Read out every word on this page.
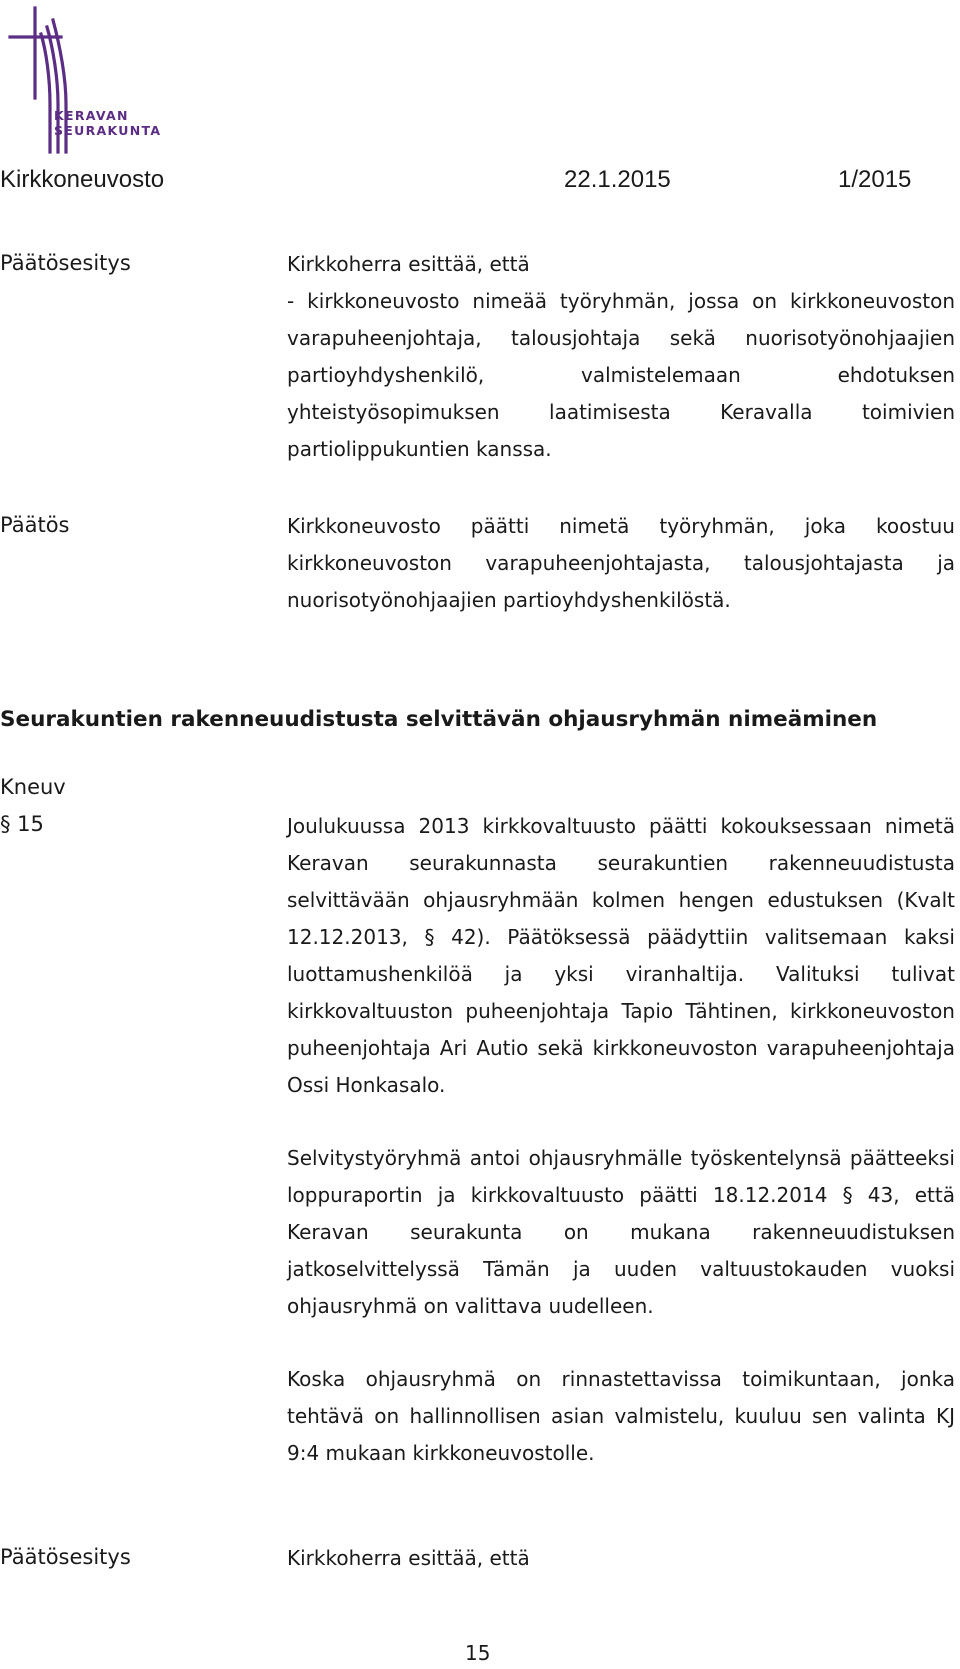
KERAVAN
SEURAKUNTA
Kirkkoneuvosto	22.1.2015	1/2015
Päätösesitys	Kirkkoherra esittää, että

- kirkkoneuvosto nimeää työryhmän, jossa on kirkkoneuvoston varapuheenjohtaja, talousjohtaja sekä nuorisotyönohjaajien partioyhdyshenkilö, valmistelemaan ehdotuksen yhteistyösopimuksen laatimisesta Keravalla toimivien partiolippukuntien kanssa.

Päätös	Kirkkoneuvosto päätti nimetä työryhmän, joka koostuu kirkkoneuvoston varapuheenjohtajasta, talousjohtajasta ja nuorisotyönohjaajien partioyhdyshenkilöstä.

Seurakuntien rakenneuudistusta selvittävän ohjausryhmän nimeäminen
Kneuv
§ 15	Joulukuussa 2013 kirkkovaltuusto päätti kokouksessaan nimetä Keravan seurakunnasta seurakuntien rakenneuudistusta selvittävään ohjausryhmään kolmen hengen edustuksen (Kvalt 12.12.2013, § 42). Päätöksessä päädyttiin valitsemaan kaksi luottamushenkilöä ja yksi viranhaltija. Valituksi tulivat kirkkovaltuuston puheenjohtaja Tapio Tähtinen, kirkkoneuvoston puheenjohtaja Ari Autio sekä kirkkoneuvoston varapuheenjohtaja Ossi Honkasalo.

Selvitystyöryhmä antoi ohjausryhmälle työskentelynsä päätteeksi loppuraportin ja kirkkovaltuusto päätti 18.12.2014 § 43, että Keravan seurakunta on mukana rakenneuudistuksen jatkoselvittelyssä Tämän ja uuden valtuustokauden vuoksi ohjausryhmä on valittava uudelleen.

Koska ohjausryhmä on rinnastettavissa toimikuntaan, jonka tehtävä on hallinnollisen asian valmistelu, kuuluu sen valinta KJ 9:4 mukaan kirkkoneuvostolle.

Päätösesitys	Kirkkoherra esittää, että

15
